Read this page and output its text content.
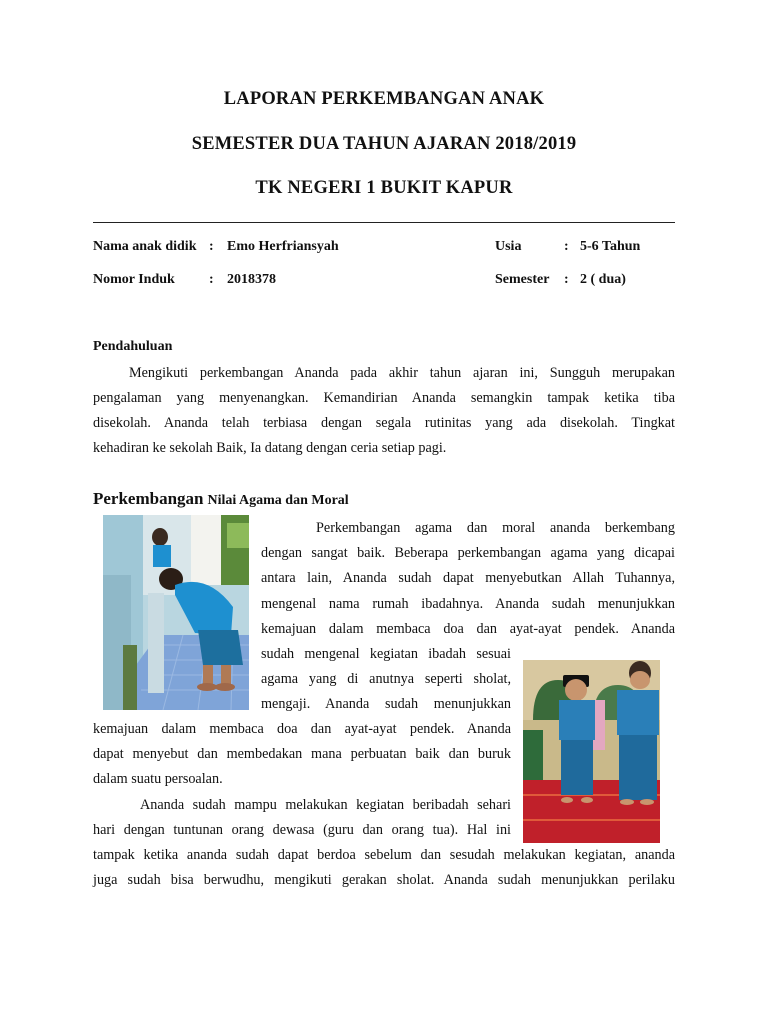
LAPORAN PERKEMBANGAN ANAK
SEMESTER DUA TAHUN AJARAN 2018/2019
TK NEGERI 1 BUKIT KAPUR
Nama anak didik : Emo Herfriansyah
Nomor Induk : 2018378
Usia	: 5-6 Tahun
Semester : 2 ( dua)
Pendahuluan
Mengikuti perkembangan Ananda pada akhir tahun ajaran ini, Sungguh merupakan
pengalaman yang menyenangkan. Kemandirian Ananda semangkin tampak ketika tiba
disekolah. Ananda telah terbiasa dengan segala rutinitas yang ada disekolah. Tingkat
kehadiran ke sekolah Baik, Ia datang dengan ceria setiap pagi.
Perkembangan Nilai Agama dan Moral
Perkembangan agama dan moral ananda berkembang
dengan sangat baik. Beberapa perkembangan agama yang dicapai
antara lain, Ananda sudah dapat menyebutkan Allah Tuhannya,
mengenal nama rumah ibadahnya. Ananda sudah menunjukkan
kemajuan dalam membaca doa dan ayat-ayat pendek. Ananda
sudah mengenal kegiatan ibadah sesuai
agama yang di anutnya seperti sholat,
mengaji. Ananda sudah menunjukkan
kemajuan dalam membaca doa dan ayat-ayat pendek. Ananda
dapat menyebut dan membedakan mana perbuatan baik dan buruk
dalam suatu persoalan.
Ananda sudah mampu melakukan kegiatan beribadah sehari
hari dengan tuntunan orang dewasa (guru dan orang tua). Hal ini
tampak ketika ananda sudah dapat berdoa sebelum dan sesudah melakukan kegiatan, ananda
juga sudah bisa berwudhu, mengikuti gerakan sholat. Ananda sudah menunjukkan perilaku
